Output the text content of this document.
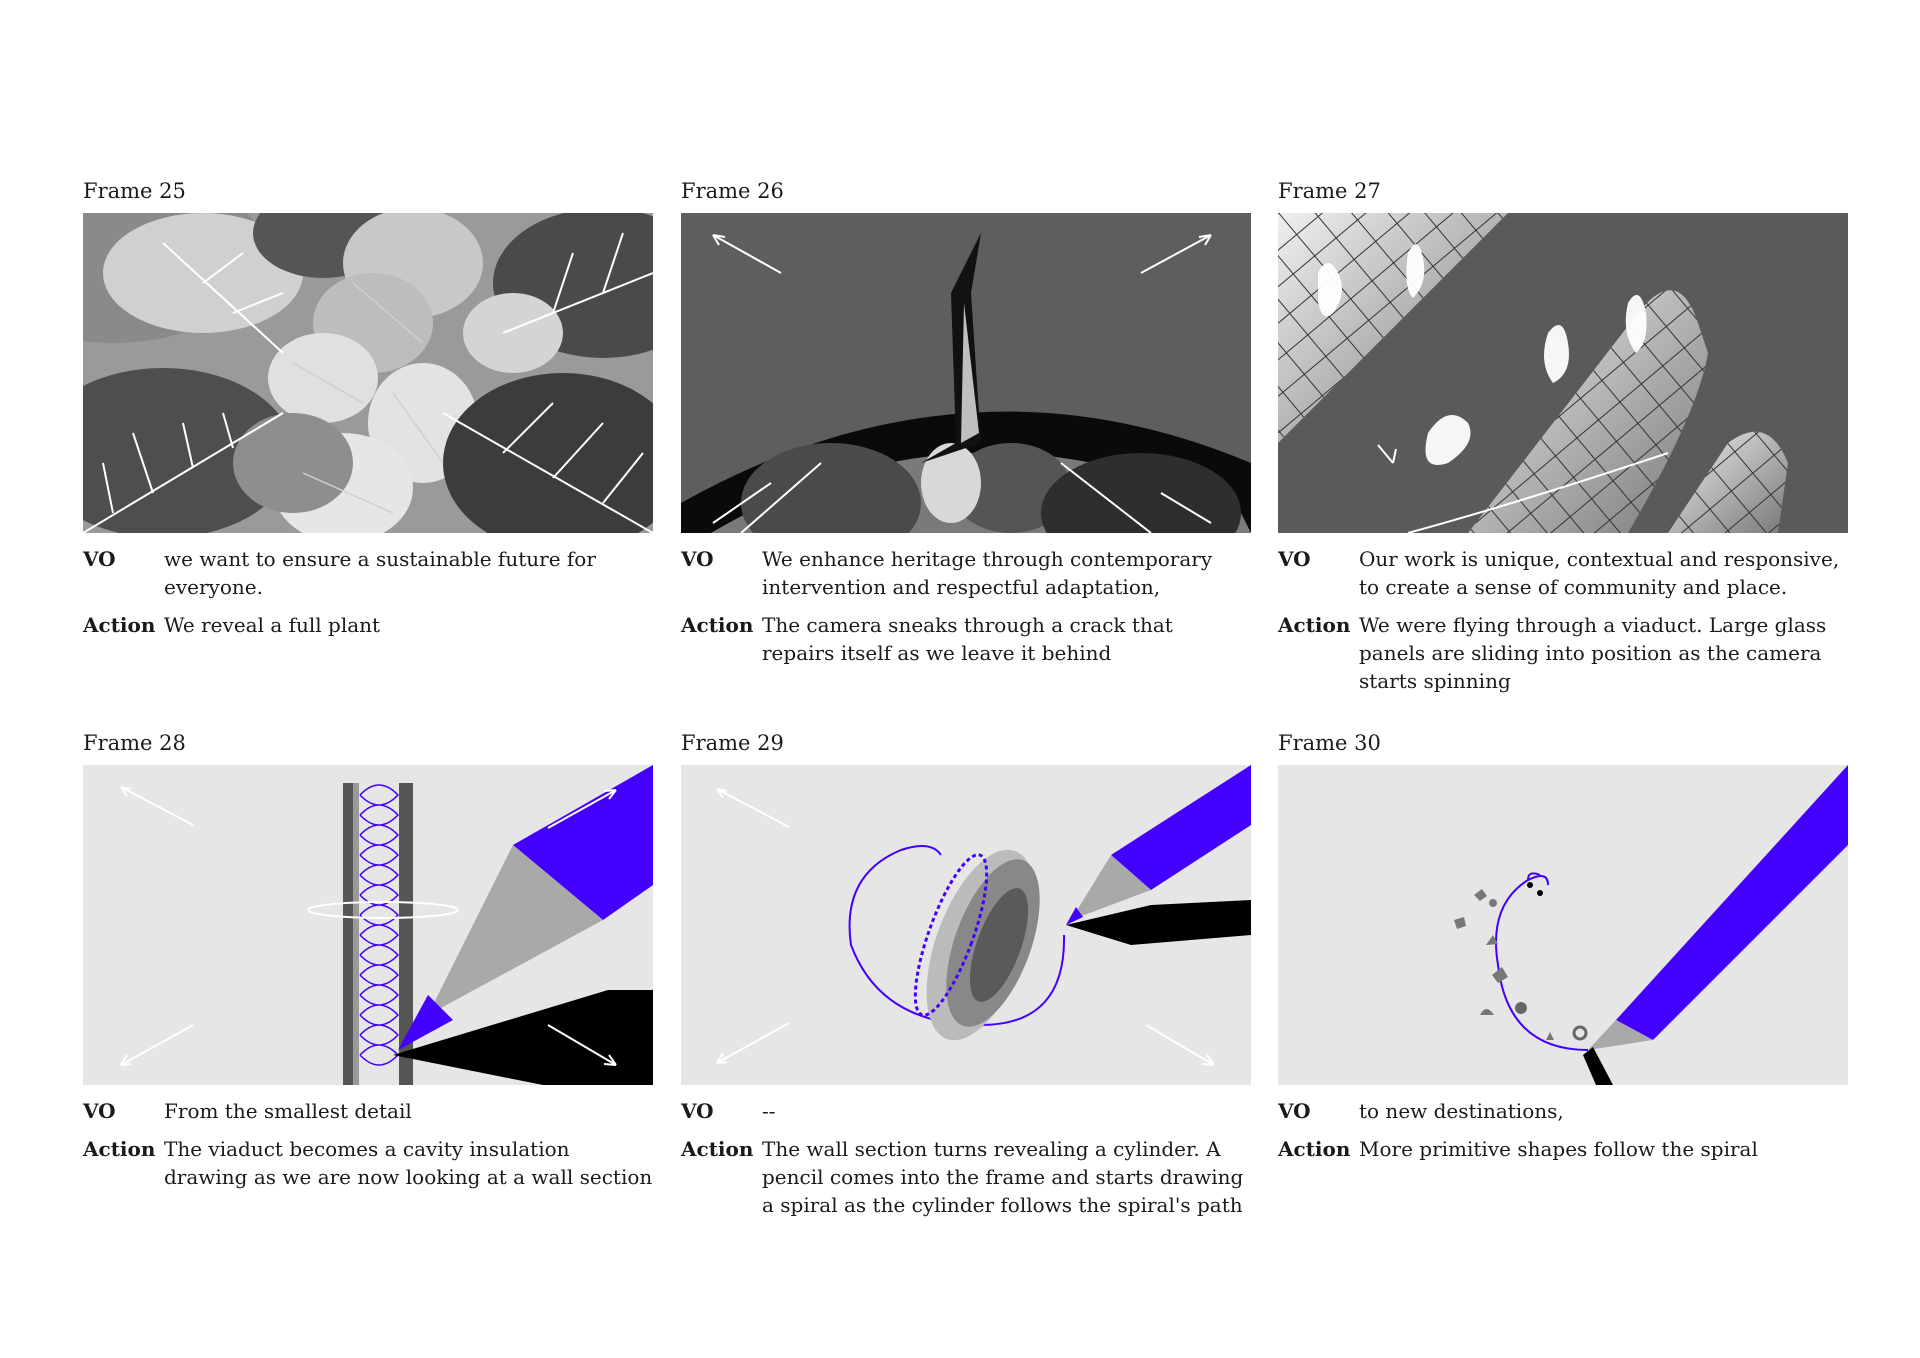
Frame 25
VO	we want to ensure a sustainable future for everyone.
Action We reveal a full plant
Frame 26
VO	We enhance heritage through contemporary intervention and respectful adaptation,
Action The camera sneaks through a crack that repairs itself as we leave it behind
Frame 27
VO	Our work is unique, contextual and responsive, to create a sense of community and place.
Action We were flying through a viaduct. Large glass panels are sliding into position as the camera starts spinning
Frame 28
VO	From the smallest detail
Action The viaduct becomes a cavity insulation drawing as we are now looking at a wall section
Frame 29
VO	--
Action The wall section turns revealing a cylinder. A pencil comes into the frame and starts drawing a spiral as the cylinder follows the spiral's path
Frame 30
VO	to new destinations,
Action More primitive shapes follow the spiral
